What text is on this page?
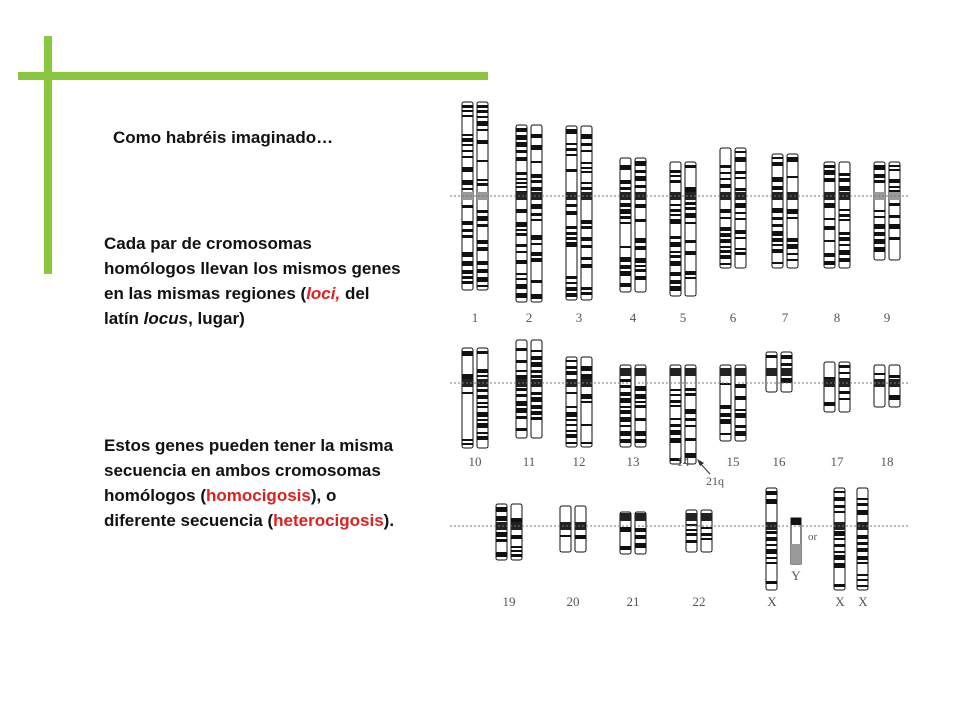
Como habréis imaginado…
Cada par de cromosomas homólogos llevan los mismos genes en las mismas regiones (loci, del latín locus, lugar)
Estos genes pueden tener la misma secuencia en ambos cromosomas homólogos (homocigosis), o diferente secuencia (heterocigosis).
1	2	3	4	5	6	7	8	9
10	11	12	13	14	15	16	17	18
19	20	21	22	X
Y
X X
or
21q
